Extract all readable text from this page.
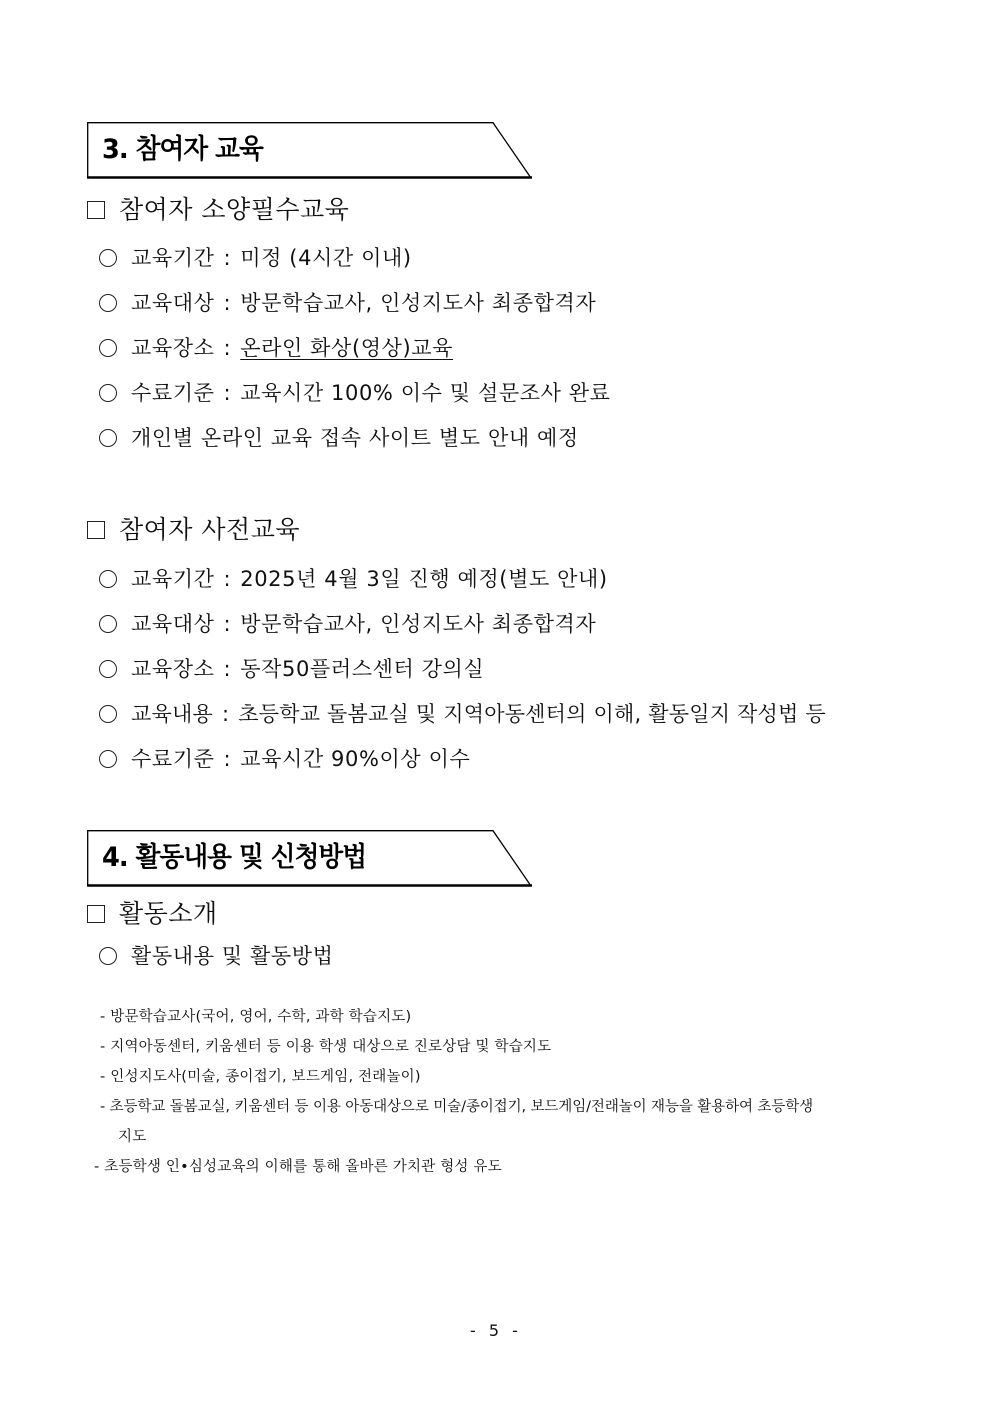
3. 참여자 교육
참여자 소양필수교육
교육기간 : 미정 (4시간 이내)
교육대상 : 방문학습교사, 인성지도사 최종합격자
교육장소 : 온라인 화상(영상)교육
수료기준 : 교육시간 100% 이수 및 설문조사 완료
개인별 온라인 교육 접속 사이트 별도 안내 예정
참여자 사전교육
교육기간 : 2025년 4월 3일 진행 예정(별도 안내)
교육대상 : 방문학습교사, 인성지도사 최종합격자
교육장소 : 동작50플러스센터 강의실
교육내용 : 초등학교 돌봄교실 및 지역아동센터의 이해, 활동일지 작성법 등
수료기준 : 교육시간 90%이상 이수
4. 활동내용 및 신청방법
활동소개
활동내용 및 활동방법
- 방문학습교사(국어, 영어, 수학, 과학 학습지도)
- 지역아동센터, 키움센터 등 이용 학생 대상으로 진로상담 및 학습지도
- 인성지도사(미술, 종이접기, 보드게임, 전래놀이)
- 초등학교 돌봄교실, 키움센터 등 이용 아동대상으로 미술/종이접기, 보드게임/전래놀이 재능을 활용하여 초등학생
지도
- 초등학생 인•심성교육의 이해를 통해 올바른 가치관 형성 유도
- 5 -
